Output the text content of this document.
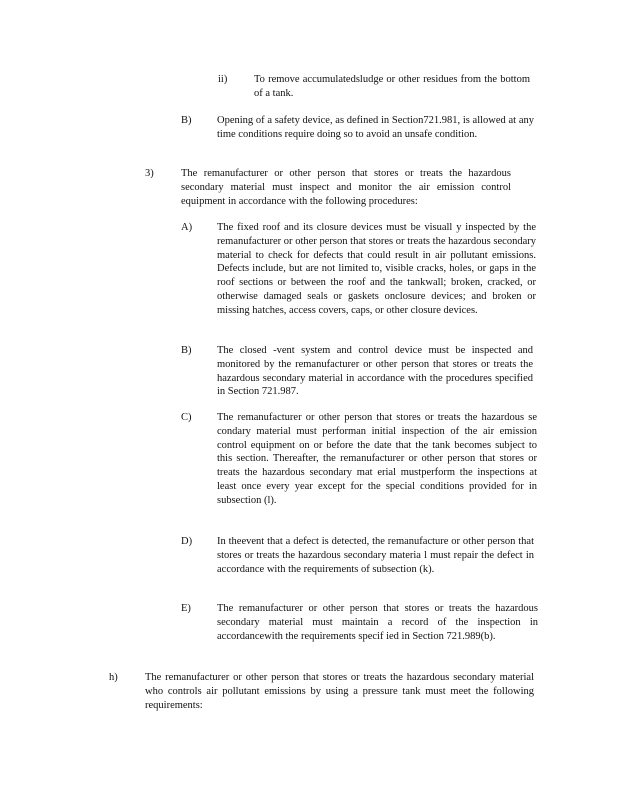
ii)	To remove accumulatedsludge or other residues from the bottom of a tank.
B)	Opening of a safety device, as defined in Section721.981, is allowed at any time conditions require doing so to avoid an unsafe condition.
3)	The remanufacturer or other person that stores or treats the hazardous secondary material must inspect and monitor the air emission control equipment in accordance with the following procedures:
A)	The fixed roof and its closure devices must be visuall y inspected by the remanufacturer or other person that stores or treats the hazardous secondary material to check for defects that could result in air pollutant emissions. Defects include, but are not limited to, visible cracks, holes, or gaps in the roof sections or between the roof and the tankwall; broken, cracked, or otherwise damaged seals or gaskets onclosure devices; and broken or missing hatches, access covers, caps, or other closure devices.
B)	The closed -vent system and control device must be inspected and monitored by the remanufacturer or other person that stores or treats the hazardous secondary material in accordance with the procedures specified in Section 721.987.
C)	The remanufacturer or other person that stores or treats the hazardous se condary material must performan initial inspection of the air emission control equipment on or before the date that the tank becomes subject to this section. Thereafter, the remanufacturer or other person that stores or treats the hazardous secondary mat erial mustperform the inspections at least once every year except for the special conditions provided for in subsection (l).
D)	In theevent that a defect is detected, the remanufacture or other person that stores or treats the hazardous secondary materia l must repair the defect in accordance with the requirements of subsection (k).
E)	The remanufacturer or other person that stores or treats the hazardous secondary material must maintain a record of the inspection in accordancewith the requirements specif ied in Section 721.989(b).
h)	The remanufacturer or other person that stores or treats the hazardous secondary material who controls air pollutant emissions by using a pressure tank must meet the following requirements:
